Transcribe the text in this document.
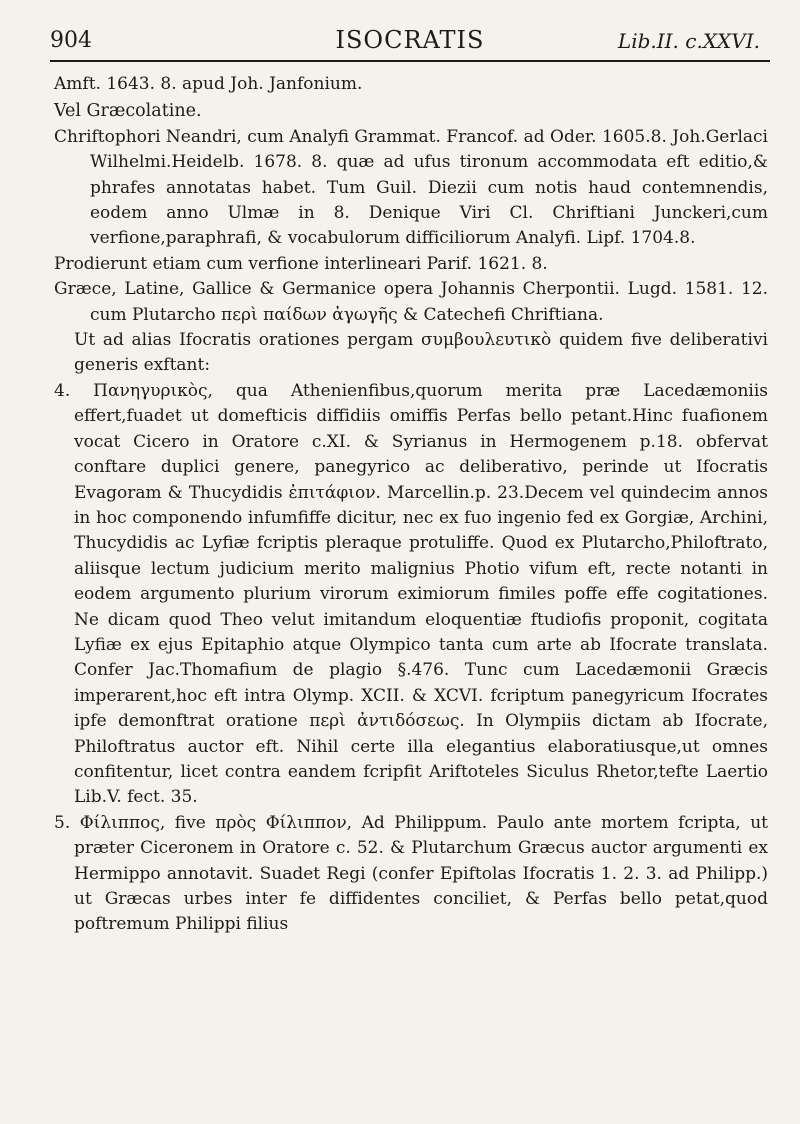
904	ISOCRATIS	Lib.II. c.XXVI.

Amft. 1643. 8. apud Joh. Janfonium.

Vel Græcolatine.

Chriftophori Neandri, cum Analyfi Grammat. Francof. ad Oder. 1605.8. Joh.Gerlaci Wilhelmi.Heidelb. 1678. 8. quæ ad ufus tironum accommodata eft editio,& phrafes annotatas habet. Tum Guil. Diezii cum notis haud contemnendis, eodem anno Ulmæ in 8. Denique Viri Cl. Chriftiani Junckeri,cum verfione,paraphrafi, & vocabulorum difficiliorum Analyfi. Lipf. 1704.8.

Prodierunt etiam cum verfione interlineari Parif. 1621. 8.

Græce, Latine, Gallice & Germanice opera Johannis Cherpontii. Lugd. 1581. 12. cum Plutarcho περὶ παίδων ἀγωγῆς & Catechefi Chriftiana.

Ut ad alias Ifocratis orationes pergam συμβουλευτικὸ quidem five deliberativi generis exftant:

4. Πανηγυρικὸς, qua Athenienfibus,quorum merita præ Lacedæmoniis effert,fuadet ut domefticis diffidiis omiffis Perfas bello petant.Hinc fuafionem vocat Cicero in Oratore c.XI. & Syrianus in Hermogenem p.18. obfervat conftare duplici genere, panegyrico ac deliberativo, perinde ut Ifocratis Evagoram & Thucydidis ἐπιτάφιον. Marcellin.p. 23.Decem vel quindecim annos in hoc componendo infumfiffe dicitur, nec ex fuo ingenio fed ex Gorgiæ, Archini, Thucydidis ac Lyfiæ fcriptis pleraque protuliffe. Quod ex Plutarcho,Philoftrato, aliisque lectum judicium merito malignius Photio vifum eft, recte notanti in eodem argumento plurium virorum eximiorum fimiles poffe effe cogitationes. Ne dicam quod Theo velut imitandum eloquentiæ ftudiofis proponit, cogitata Lyfiæ ex ejus Epitaphio atque Olympico tanta cum arte ab Ifocrate translata. Confer Jac.Thomafium de plagio §.476. Tunc cum Lacedæmonii Græcis imperarent,hoc eft intra Olymp. XCII. & XCVI. fcriptum panegyricum Ifocrates ipfe demonftrat oratione περὶ ἀντιδόσεως. In Olympiis dictam ab Ifocrate, Philoftratus auctor eft. Nihil certe illa elegantius elaboratiusque,ut omnes confitentur, licet contra eandem fcripfit Ariftoteles Siculus Rhetor,tefte Laertio Lib.V. fect. 35.

5. Φίλιππος, five πρὸς Φίλιππον, Ad Philippum. Paulo ante mortem fcripta, ut præter Ciceronem in Oratore c. 52. & Plutarchum Græcus auctor argumenti ex Hermippo annotavit. Suadet Regi (confer Epiftolas Ifocratis 1. 2. 3. ad Philipp.) ut Græcas urbes inter fe diffidentes conciliet, & Perfas bello petat,quod poftremum Philippi filius
